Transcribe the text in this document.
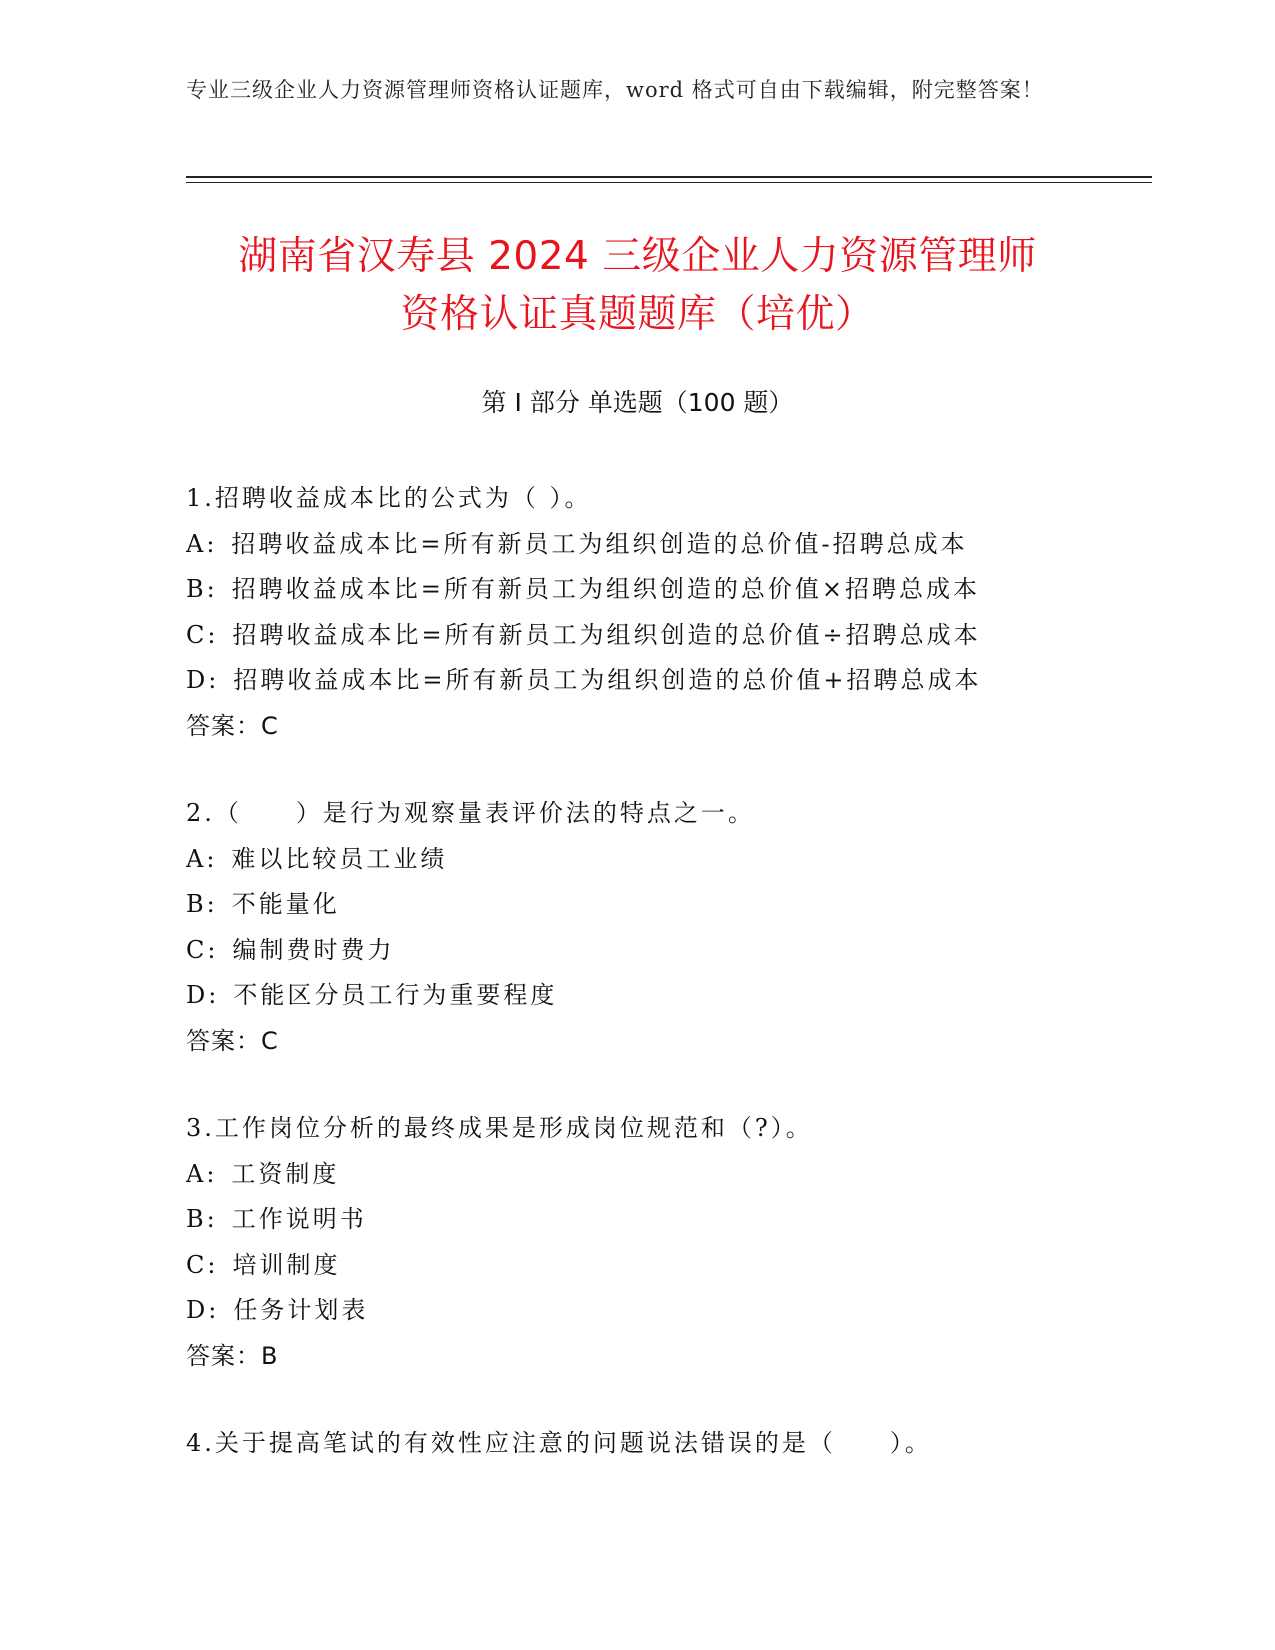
专业三级企业人力资源管理师资格认证题库，word 格式可自由下载编辑，附完整答案！
湖南省汉寿县 2024 三级企业人力资源管理师
资格认证真题题库（培优）
第 I 部分 单选题（100 题）
1.招聘收益成本比的公式为（ ）。
A: 招聘收益成本比=所有新员工为组织创造的总价值-招聘总成本
B: 招聘收益成本比=所有新员工为组织创造的总价值×招聘总成本
C: 招聘收益成本比=所有新员工为组织创造的总价值÷招聘总成本
D: 招聘收益成本比=所有新员工为组织创造的总价值+招聘总成本
答案：C
2.（　　）是行为观察量表评价法的特点之一。
A: 难以比较员工业绩
B: 不能量化
C: 编制费时费力
D: 不能区分员工行为重要程度
答案：C
3.工作岗位分析的最终成果是形成岗位规范和（?）。
A: 工资制度
B: 工作说明书
C: 培训制度
D: 任务计划表
答案：B
4.关于提高笔试的有效性应注意的问题说法错误的是（　　）。
